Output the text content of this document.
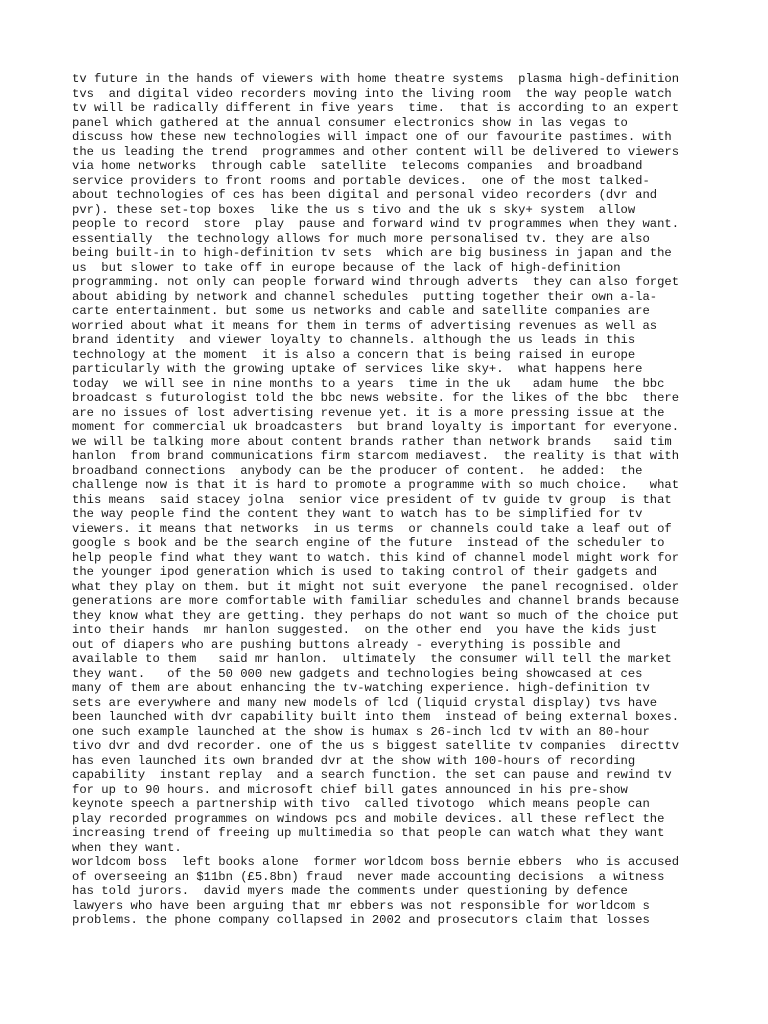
tv future in the hands of viewers with home theatre systems  plasma high-definition
tvs  and digital video recorders moving into the living room  the way people watch
tv will be radically different in five years  time.  that is according to an expert
panel which gathered at the annual consumer electronics show in las vegas to
discuss how these new technologies will impact one of our favourite pastimes. with
the us leading the trend  programmes and other content will be delivered to viewers
via home networks  through cable  satellite  telecoms companies  and broadband
service providers to front rooms and portable devices.  one of the most talked-
about technologies of ces has been digital and personal video recorders (dvr and
pvr). these set-top boxes  like the us s tivo and the uk s sky+ system  allow
people to record  store  play  pause and forward wind tv programmes when they want.
essentially  the technology allows for much more personalised tv. they are also
being built-in to high-definition tv sets  which are big business in japan and the
us  but slower to take off in europe because of the lack of high-definition
programming. not only can people forward wind through adverts  they can also forget
about abiding by network and channel schedules  putting together their own a-la-
carte entertainment. but some us networks and cable and satellite companies are
worried about what it means for them in terms of advertising revenues as well as
brand identity  and viewer loyalty to channels. although the us leads in this
technology at the moment  it is also a concern that is being raised in europe
particularly with the growing uptake of services like sky+.  what happens here
today  we will see in nine months to a years  time in the uk   adam hume  the bbc
broadcast s futurologist told the bbc news website. for the likes of the bbc  there
are no issues of lost advertising revenue yet. it is a more pressing issue at the
moment for commercial uk broadcasters  but brand loyalty is important for everyone.
we will be talking more about content brands rather than network brands   said tim
hanlon  from brand communications firm starcom mediavest.  the reality is that with
broadband connections  anybody can be the producer of content.  he added:  the
challenge now is that it is hard to promote a programme with so much choice.   what
this means  said stacey jolna  senior vice president of tv guide tv group  is that
the way people find the content they want to watch has to be simplified for tv
viewers. it means that networks  in us terms  or channels could take a leaf out of
google s book and be the search engine of the future  instead of the scheduler to
help people find what they want to watch. this kind of channel model might work for
the younger ipod generation which is used to taking control of their gadgets and
what they play on them. but it might not suit everyone  the panel recognised. older
generations are more comfortable with familiar schedules and channel brands because
they know what they are getting. they perhaps do not want so much of the choice put
into their hands  mr hanlon suggested.  on the other end  you have the kids just
out of diapers who are pushing buttons already - everything is possible and
available to them   said mr hanlon.  ultimately  the consumer will tell the market
they want.   of the 50 000 new gadgets and technologies being showcased at ces
many of them are about enhancing the tv-watching experience. high-definition tv
sets are everywhere and many new models of lcd (liquid crystal display) tvs have
been launched with dvr capability built into them  instead of being external boxes.
one such example launched at the show is humax s 26-inch lcd tv with an 80-hour
tivo dvr and dvd recorder. one of the us s biggest satellite tv companies  directtv
has even launched its own branded dvr at the show with 100-hours of recording
capability  instant replay  and a search function. the set can pause and rewind tv
for up to 90 hours. and microsoft chief bill gates announced in his pre-show
keynote speech a partnership with tivo  called tivotogo  which means people can
play recorded programmes on windows pcs and mobile devices. all these reflect the
increasing trend of freeing up multimedia so that people can watch what they want
when they want.
worldcom boss  left books alone  former worldcom boss bernie ebbers  who is accused
of overseeing an $11bn (£5.8bn) fraud  never made accounting decisions  a witness
has told jurors.  david myers made the comments under questioning by defence
lawyers who have been arguing that mr ebbers was not responsible for worldcom s
problems. the phone company collapsed in 2002 and prosecutors claim that losses
